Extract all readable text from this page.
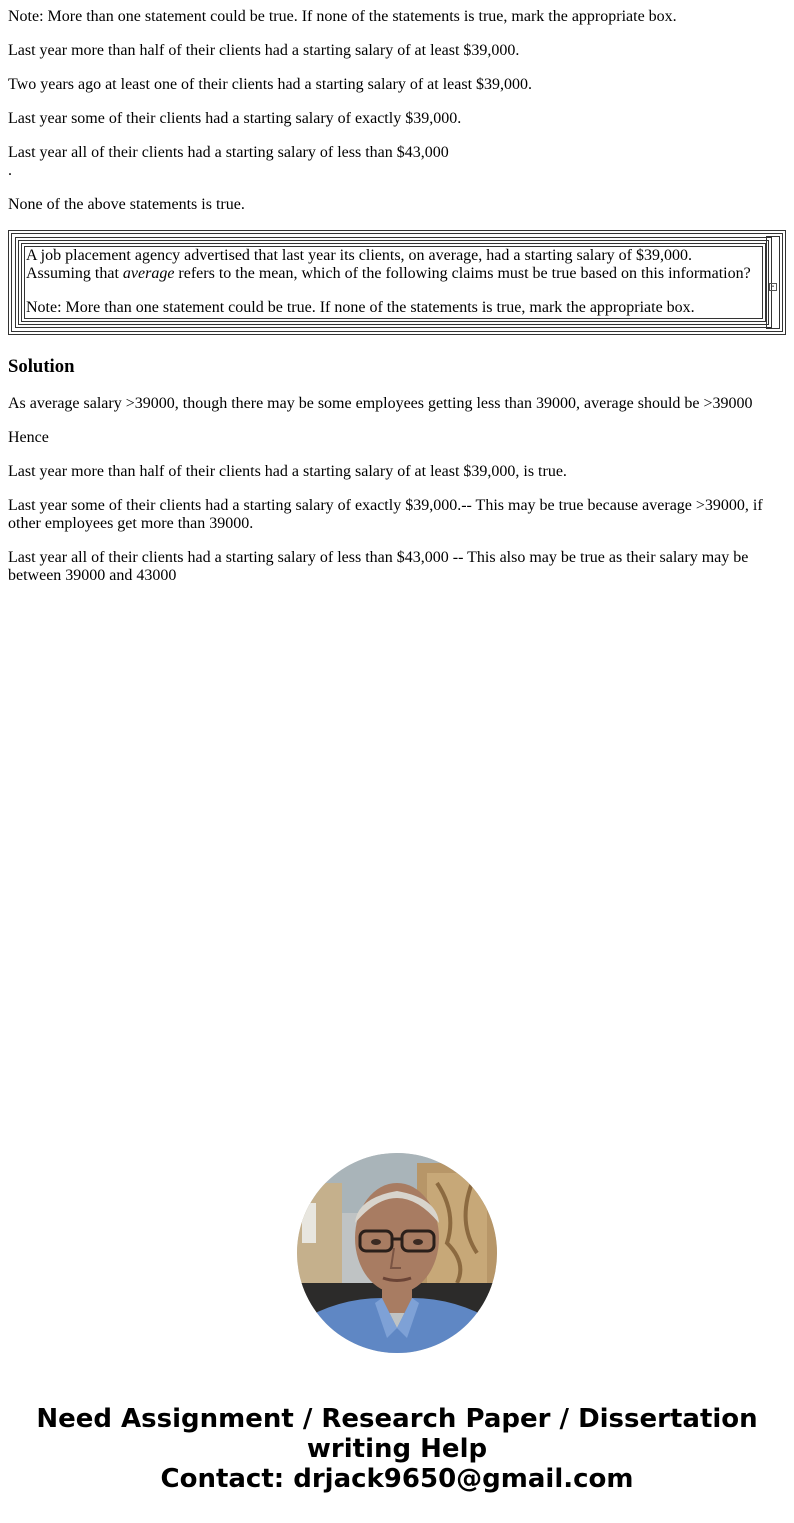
Note: More than one statement could be true. If none of the statements is true, mark the appropriate box.

Last year more than half of their clients had a starting salary of at least $39,000.

Two years ago at least one of their clients had a starting salary of at least $39,000.

Last year some of their clients had a starting salary of exactly $39,000.

Last year all of their clients had a starting salary of less than $43,000

.

None of the above statements is true.

A job placement agency advertised that last year its clients, on average, had a starting salary of $39,000.
Assuming that average refers to the mean, which of the following claims must be true based on this information?
Note: More than one statement could be true. If none of the statements is true, mark the appropriate box.
▪
Solution

As average salary >39000, though there may be some employees getting less than 39000, average should be >39000

Hence

Last year more than half of their clients had a starting salary of at least $39,000, is true.

Last year some of their clients had a starting salary of exactly $39,000.-- This may be true because average >39000, if other employees get more than 39000.

Last year all of their clients had a starting salary of less than $43,000 -- This also may be true as their salary may be between 39000 and 43000

Need Assignment / Research Paper / Dissertation
writing Help
Contact: drjack9650@gmail.com
